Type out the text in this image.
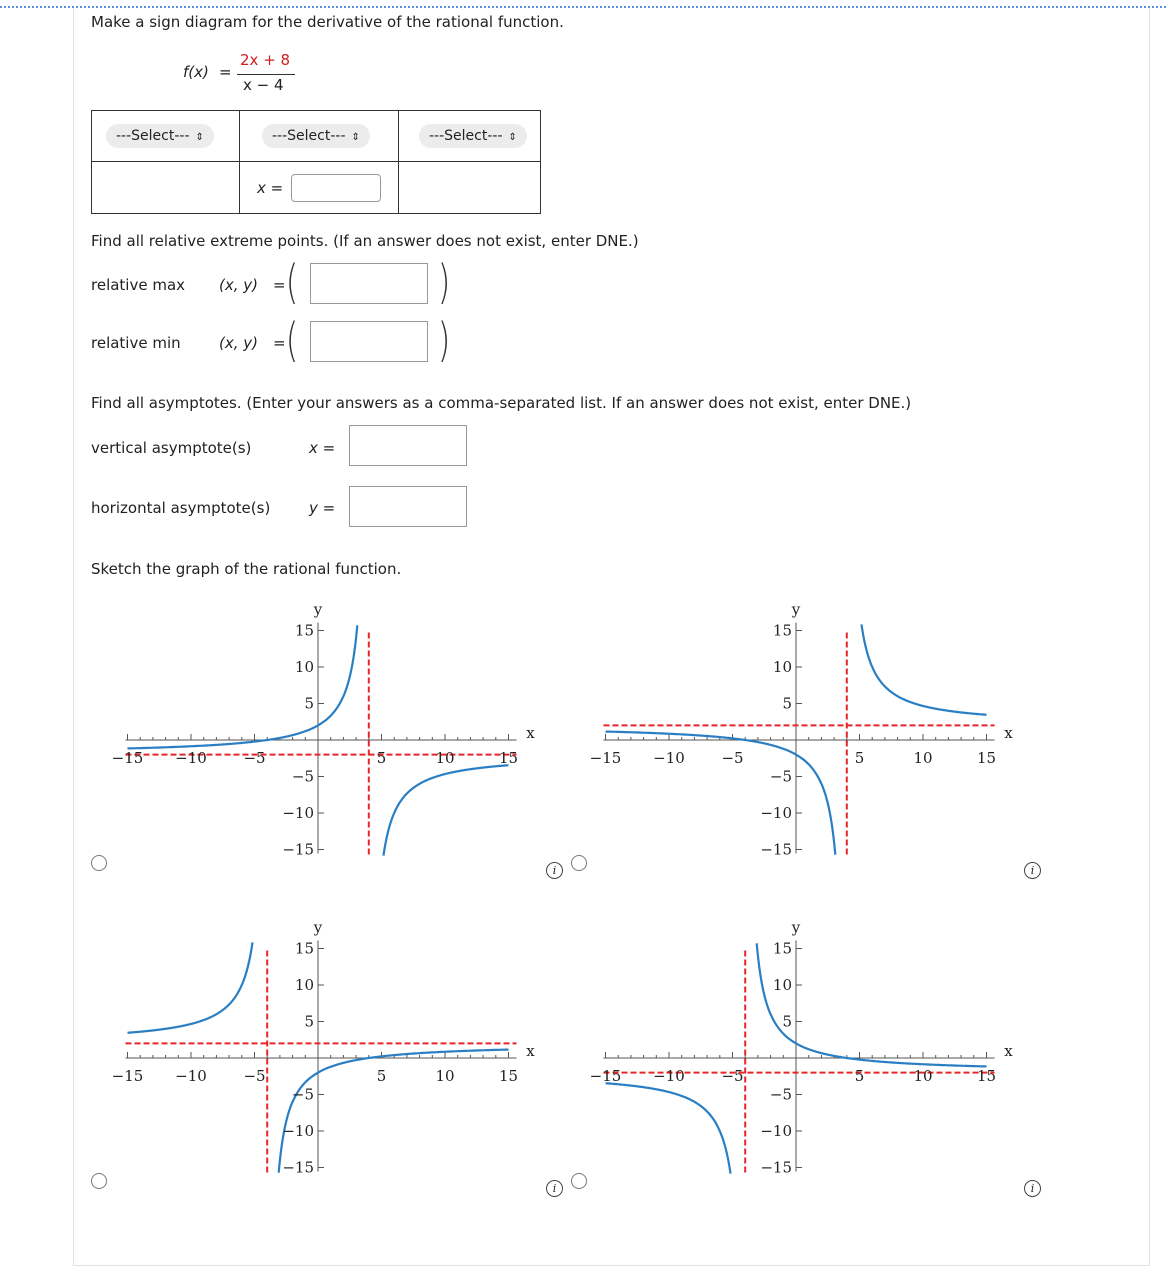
Make a sign diagram for the derivative of the rational function.
f(x) =
2x + 8
x − 4
---Select--- ⇕	---Select--- ⇕	---Select--- ⇕

	x =	

Find all relative extreme points. (If an answer does not exist, enter DNE.)
relative max (x, y) = (	)
relative min	(x, y) = (	)
Find all asymptotes. (Enter your answers as a comma-separated list. If an answer does not exist, enter DNE.)
vertical asymptote(s)	x =
horizontal asymptote(s)	y =
Sketch the graph of the rational function.
−15 −10 −5	5	10	15
15
10
5
−5
−10
−15
x
y
−15 −10 −5	5	10	15
15
10
5
−5
−10
−15
x
y
−15 −10 −5	5	10	15
15
10
5
−5
−10
−15
x
y
−15 −10 −5	5	10	15
15
10
5
−5
−10
−15
x
y
i	i
i	i
